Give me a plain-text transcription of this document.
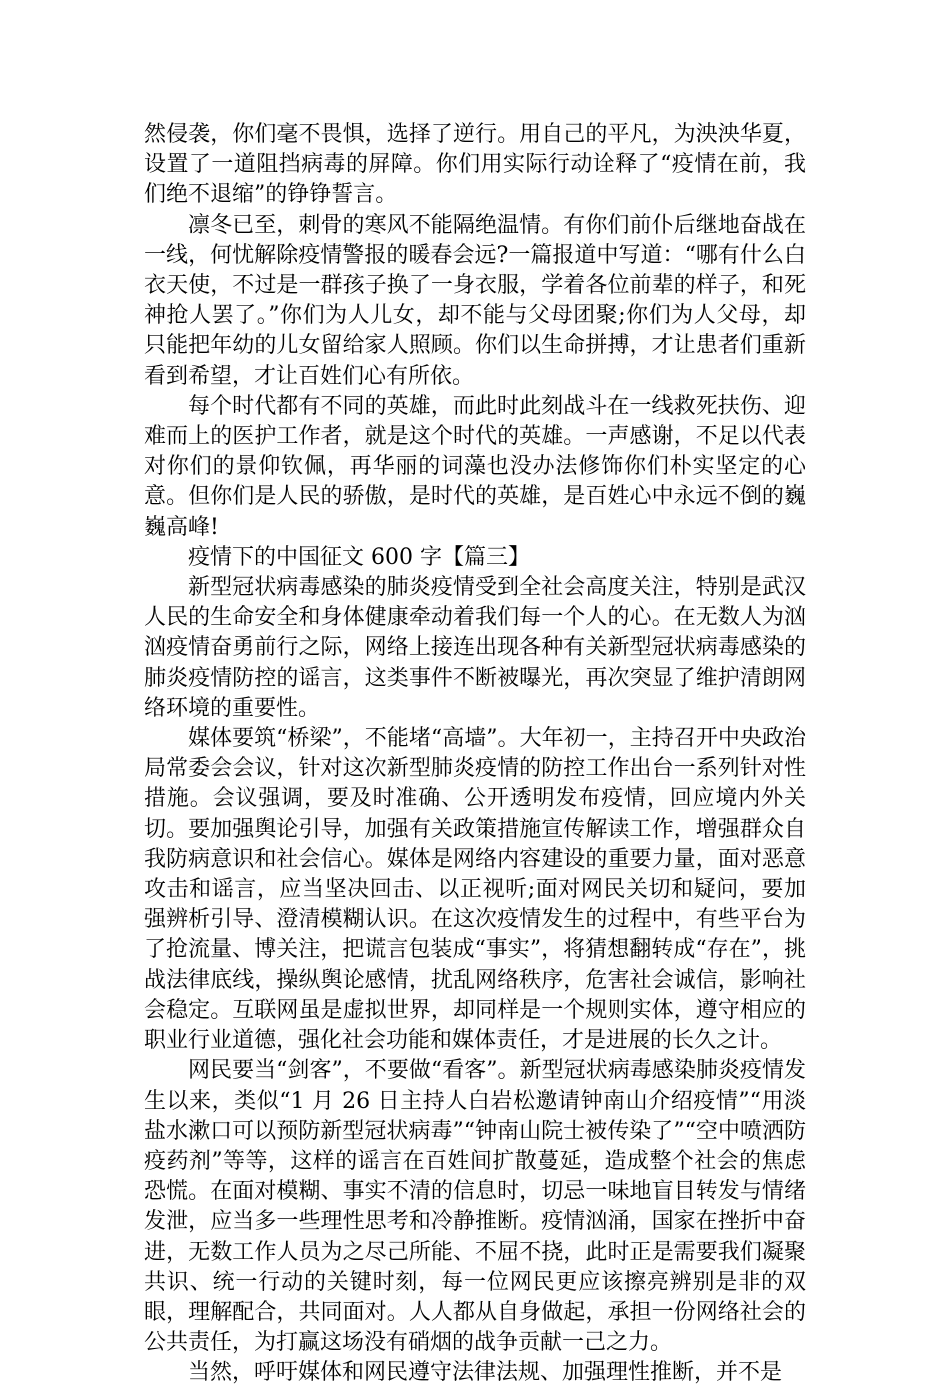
然侵袭，你们毫不畏惧，选择了逆行。用自己的平凡，为泱泱华夏，设置了一道阻挡病毒的屏障。你们用实际行动诠释了“疫情在前，我们绝不退缩”的铮铮誓言。

凛冬已至，刺骨的寒风不能隔绝温情。有你们前仆后继地奋战在一线，何忧解除疫情警报的暖春会远?一篇报道中写道：“哪有什么白衣天使，不过是一群孩子换了一身衣服，学着各位前辈的样子，和死神抢人罢了。”你们为人儿女，却不能与父母团聚;你们为人父母，却只能把年幼的儿女留给家人照顾。你们以生命拼搏，才让患者们重新看到希望，才让百姓们心有所依。

每个时代都有不同的英雄，而此时此刻战斗在一线救死扶伤、迎难而上的医护工作者，就是这个时代的英雄。一声感谢，不足以代表对你们的景仰钦佩，再华丽的词藻也没办法修饰你们朴实坚定的心意。但你们是人民的骄傲，是时代的英雄，是百姓心中永远不倒的巍巍高峰!

疫情下的中国征文 600 字【篇三】

新型冠状病毒感染的肺炎疫情受到全社会高度关注，特别是武汉人民的生命安全和身体健康牵动着我们每一个人的心。在无数人为汹汹疫情奋勇前行之际，网络上接连出现各种有关新型冠状病毒感染的肺炎疫情防控的谣言，这类事件不断被曝光，再次突显了维护清朗网络环境的重要性。

媒体要筑“桥梁”，不能堵“高墙”。大年初一，主持召开中央政治局常委会会议，针对这次新型肺炎疫情的防控工作出台一系列针对性措施。会议强调，要及时准确、公开透明发布疫情，回应境内外关切。要加强舆论引导，加强有关政策措施宣传解读工作，增强群众自我防病意识和社会信心。媒体是网络内容建设的重要力量，面对恶意攻击和谣言，应当坚决回击、以正视听;面对网民关切和疑问，要加强辨析引导、澄清模糊认识。在这次疫情发生的过程中，有些平台为了抢流量、博关注，把谎言包装成“事实”，将猜想翻转成“存在”，挑战法律底线，操纵舆论感情，扰乱网络秩序，危害社会诚信，影响社会稳定。互联网虽是虚拟世界，却同样是一个规则实体，遵守相应的职业行业道德，强化社会功能和媒体责任，才是进展的长久之计。

网民要当“剑客”，不要做“看客”。新型冠状病毒感染肺炎疫情发生以来，类似“1 月 26 日主持人白岩松邀请钟南山介绍疫情”“用淡盐水漱口可以预防新型冠状病毒”“钟南山院士被传染了”“空中喷洒防疫药剂”等等，这样的谣言在百姓间扩散蔓延，造成整个社会的焦虑恐慌。在面对模糊、事实不清的信息时，切忌一味地盲目转发与情绪发泄，应当多一些理性思考和冷静推断。疫情汹涌，国家在挫折中奋进，无数工作人员为之尽己所能、不屈不挠，此时正是需要我们凝聚共识、统一行动的关键时刻，每一位网民更应该擦亮辨别是非的双眼，理解配合，共同面对。人人都从自身做起，承担一份网络社会的公共责任，为打赢这场没有硝烟的战争贡献一己之力。

当然，呼吁媒体和网民遵守法律法规、加强理性推断，并不是
